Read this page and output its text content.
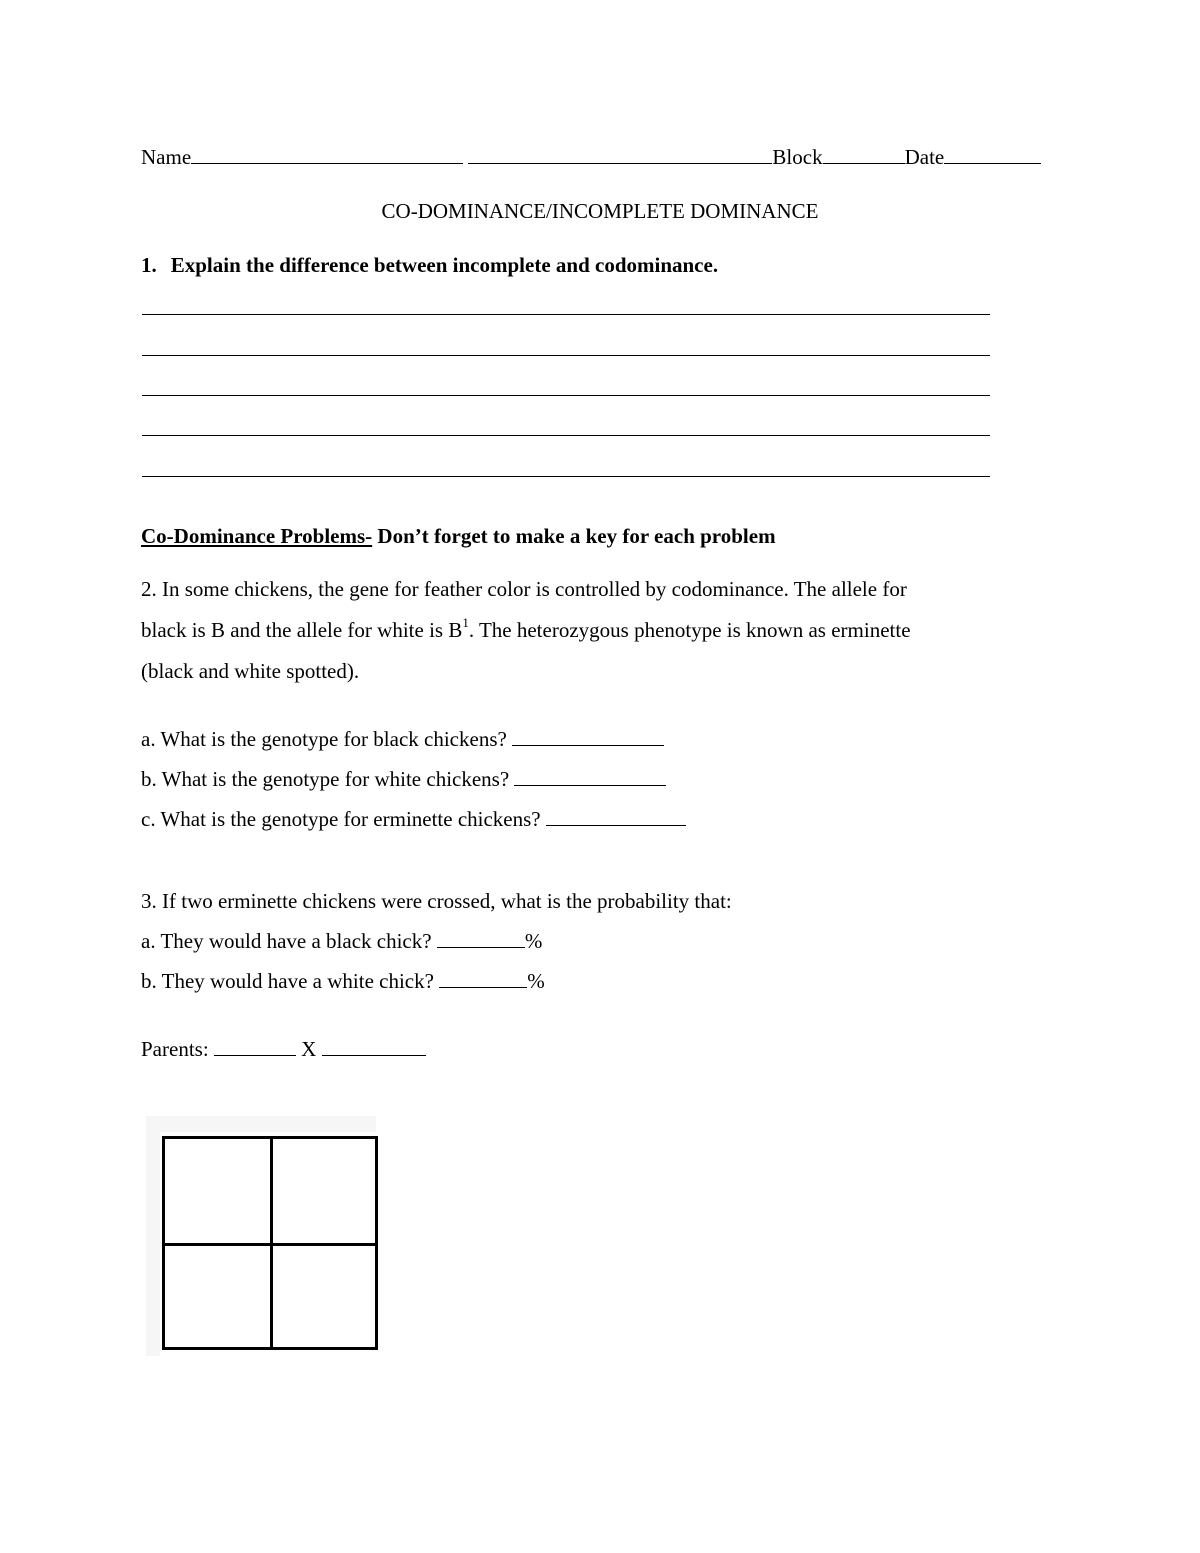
Name	Block	Date
CO-DOMINANCE/INCOMPLETE DOMINANCE
1. Explain the difference between incomplete and codominance.
Co-Dominance Problems- Don’t forget to make a key for each problem
2. In some chickens, the gene for feather color is controlled by codominance. The allele for
black is B and the allele for white is $B^1$. The heterozygous phenotype is known as erminette
(black and white spotted).
a. What is the genotype for black chickens?
b. What is the genotype for white chickens?
c. What is the genotype for erminette chickens?
3. If two erminette chickens were crossed, what is the probability that:
a. They would have a black chick?	%
b. They would have a white chick?	%
Parents:	X
